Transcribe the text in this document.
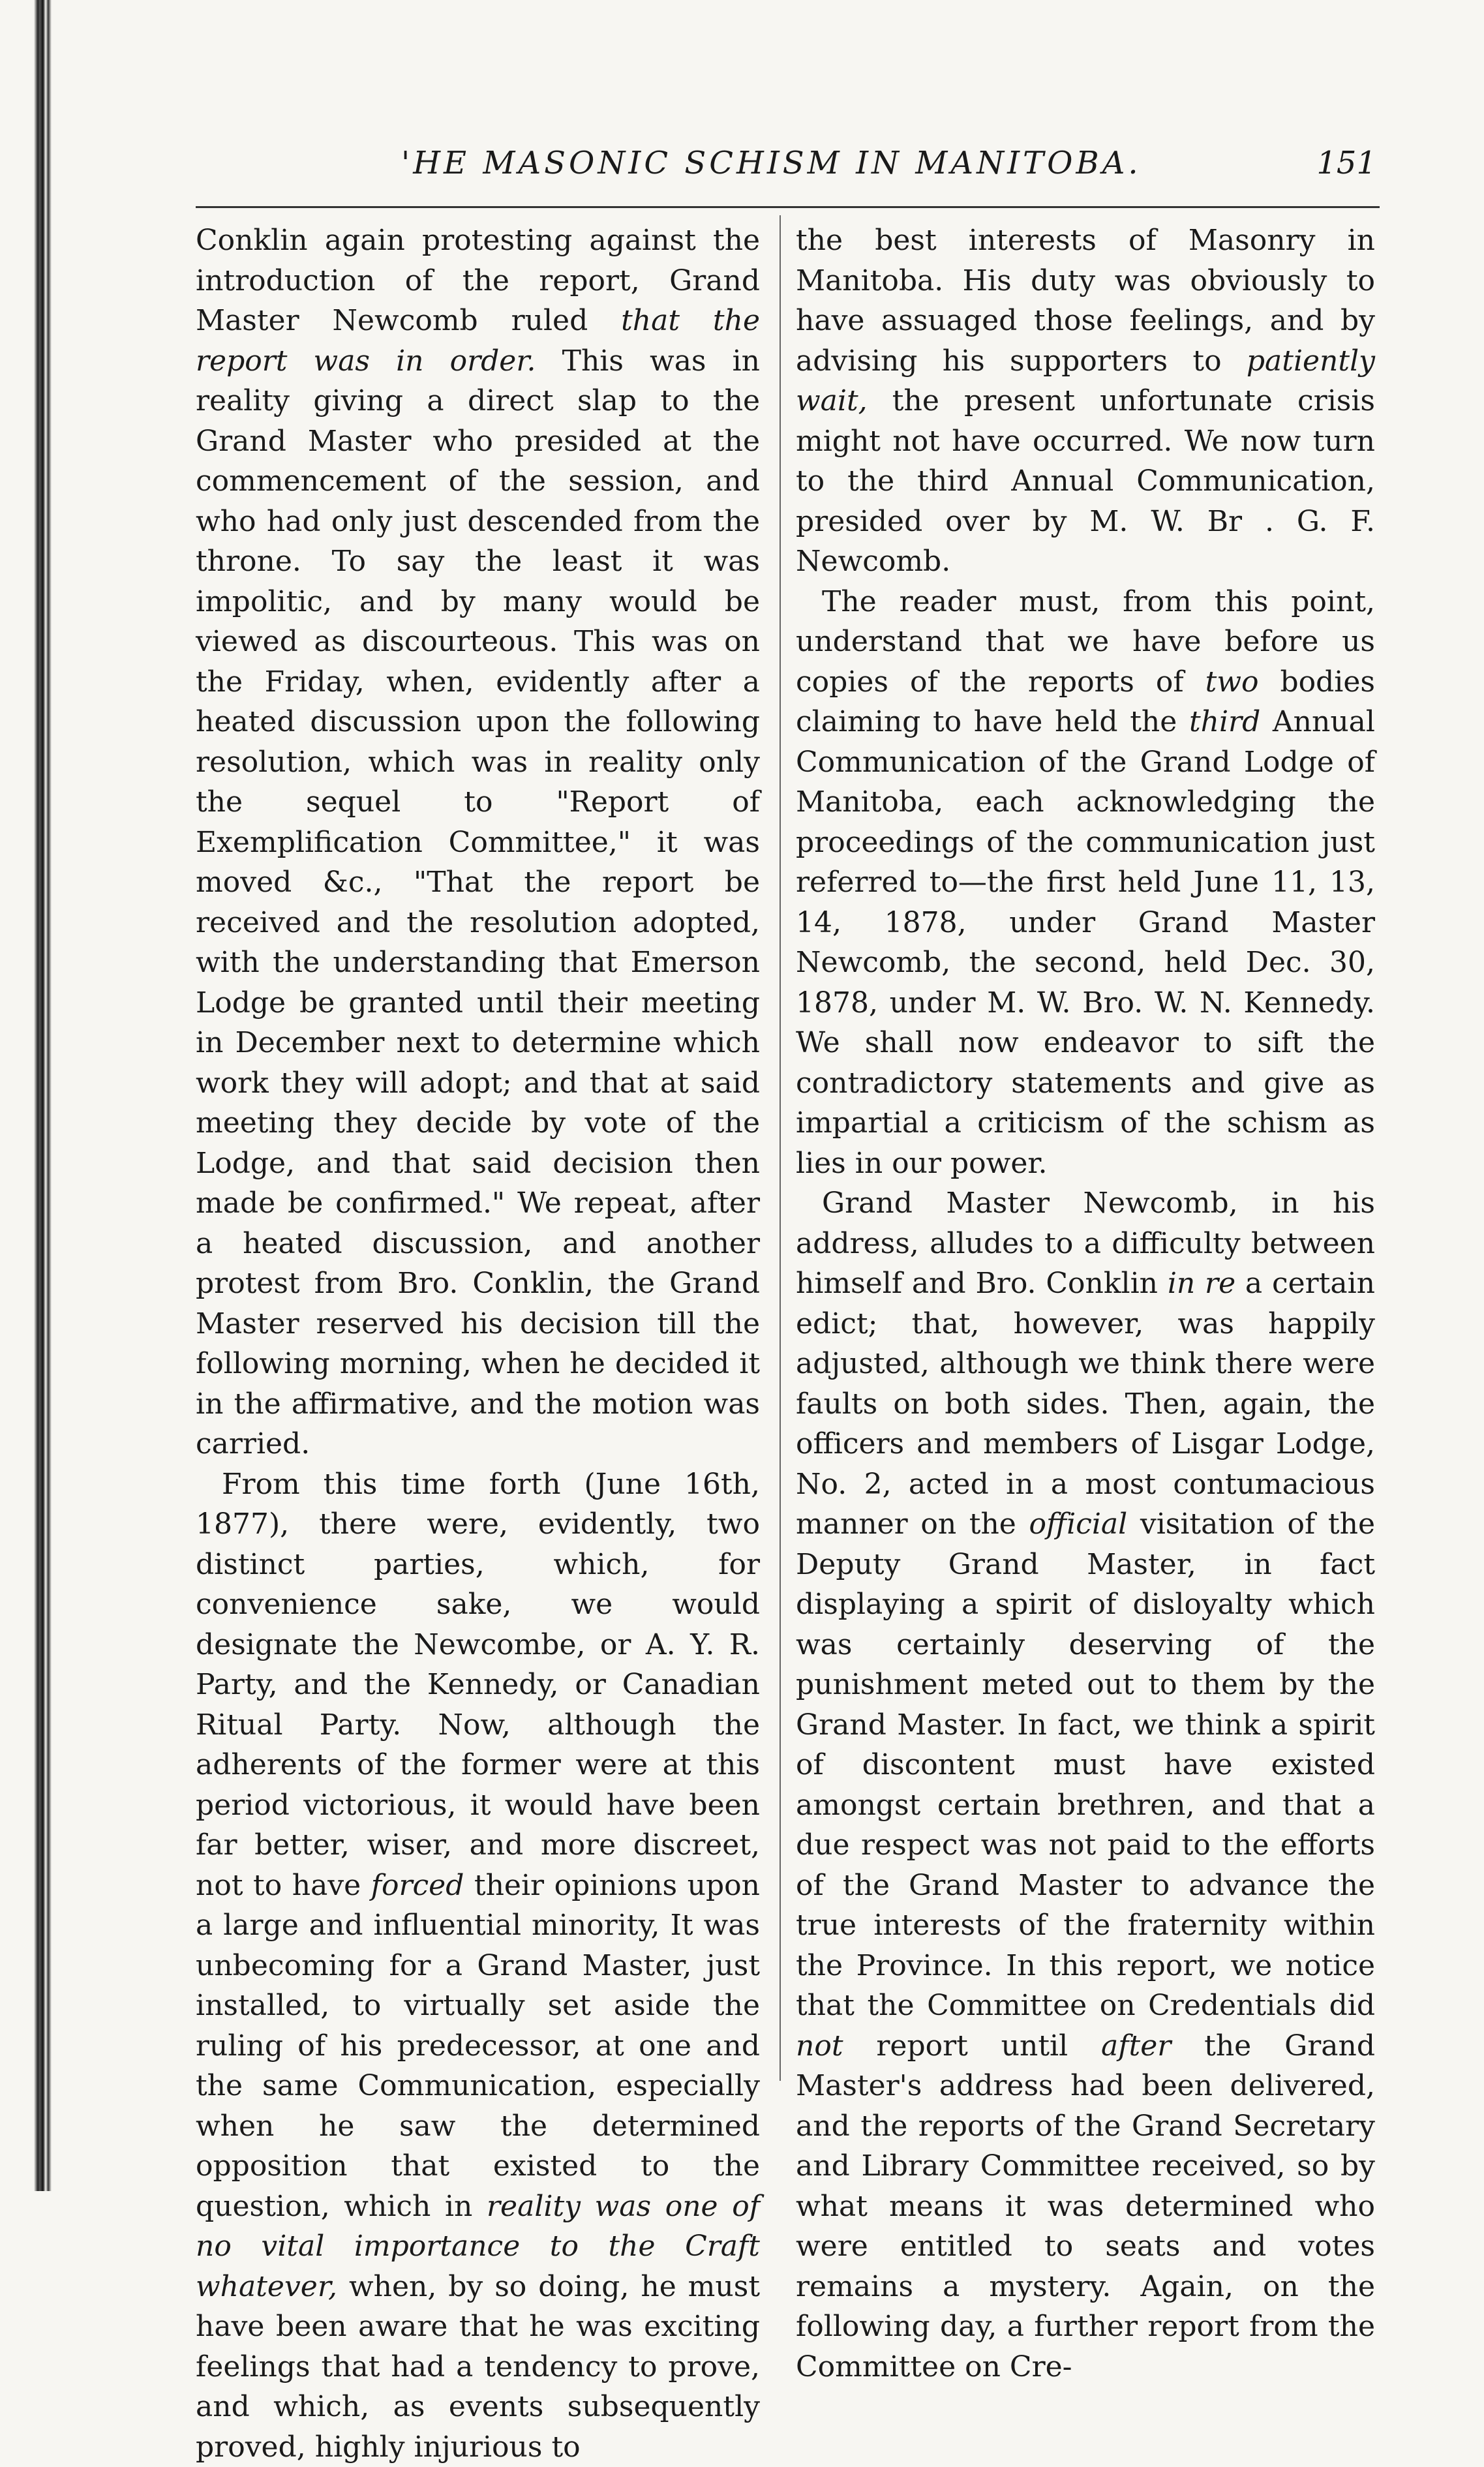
'HE MASONIC SCHISM IN MANITOBA.	151

Conklin again protesting against the introduction of the report, Grand Master Newcomb ruled that the report was in order. This was in reality giving a direct slap to the Grand Master who presided at the commencement of the session, and who had only just descended from the throne. To say the least it was impolitic, and by many would be viewed as discourteous. This was on the Friday, when, evidently after a heated discussion upon the following resolution, which was in reality only the sequel to "Report of Exemplification Committee," it was moved &c., "That the report be received and the resolution adopted, with the understanding that Emerson Lodge be granted until their meeting in December next to determine which work they will adopt; and that at said meeting they decide by vote of the Lodge, and that said decision then made be confirmed." We repeat, after a heated discussion, and another protest from Bro. Conklin, the Grand Master reserved his decision till the following morning, when he decided it in the affirmative, and the motion was carried.

From this time forth (June 16th, 1877), there were, evidently, two distinct parties, which, for convenience sake, we would designate the Newcombe, or A. Y. R. Party, and the Kennedy, or Canadian Ritual Party. Now, although the adherents of the former were at this period victorious, it would have been far better, wiser, and more discreet, not to have forced their opinions upon a large and influential minority, It was unbecoming for a Grand Master, just installed, to virtually set aside the ruling of his predecessor, at one and the same Communication, especially when he saw the determined opposition that existed to the question, which in reality was one of no vital importance to the Craft whatever, when, by so doing, he must have been aware that he was exciting feelings that had a tendency to prove, and which, as events subsequently proved, highly injurious to

the best interests of Masonry in Manitoba. His duty was obviously to have assuaged those feelings, and by advising his supporters to patiently wait, the present unfortunate crisis might not have occurred. We now turn to the third Annual Communication, presided over by M. W. Br . G. F. Newcomb.

The reader must, from this point, understand that we have before us copies of the reports of two bodies claiming to have held the third Annual Communication of the Grand Lodge of Manitoba, each acknowledging the proceedings of the communication just referred to—the first held June 11, 13, 14, 1878, under Grand Master Newcomb, the second, held Dec. 30, 1878, under M. W. Bro. W. N. Kennedy. We shall now endeavor to sift the contradictory statements and give as impartial a criticism of the schism as lies in our power.

Grand Master Newcomb, in his address, alludes to a difficulty between himself and Bro. Conklin in re a certain edict; that, however, was happily adjusted, although we think there were faults on both sides. Then, again, the officers and members of Lisgar Lodge, No. 2, acted in a most contumacious manner on the official visitation of the Deputy Grand Master, in fact displaying a spirit of disloyalty which was certainly deserving of the punishment meted out to them by the Grand Master. In fact, we think a spirit of discontent must have existed amongst certain brethren, and that a due respect was not paid to the efforts of the Grand Master to advance the true interests of the fraternity within the Province. In this report, we notice that the Committee on Credentials did not report until after the Grand Master's address had been delivered, and the reports of the Grand Secretary and Library Committee received, so by what means it was determined who were entitled to seats and votes remains a mystery. Again, on the following day, a further report from the Committee on Cre-
